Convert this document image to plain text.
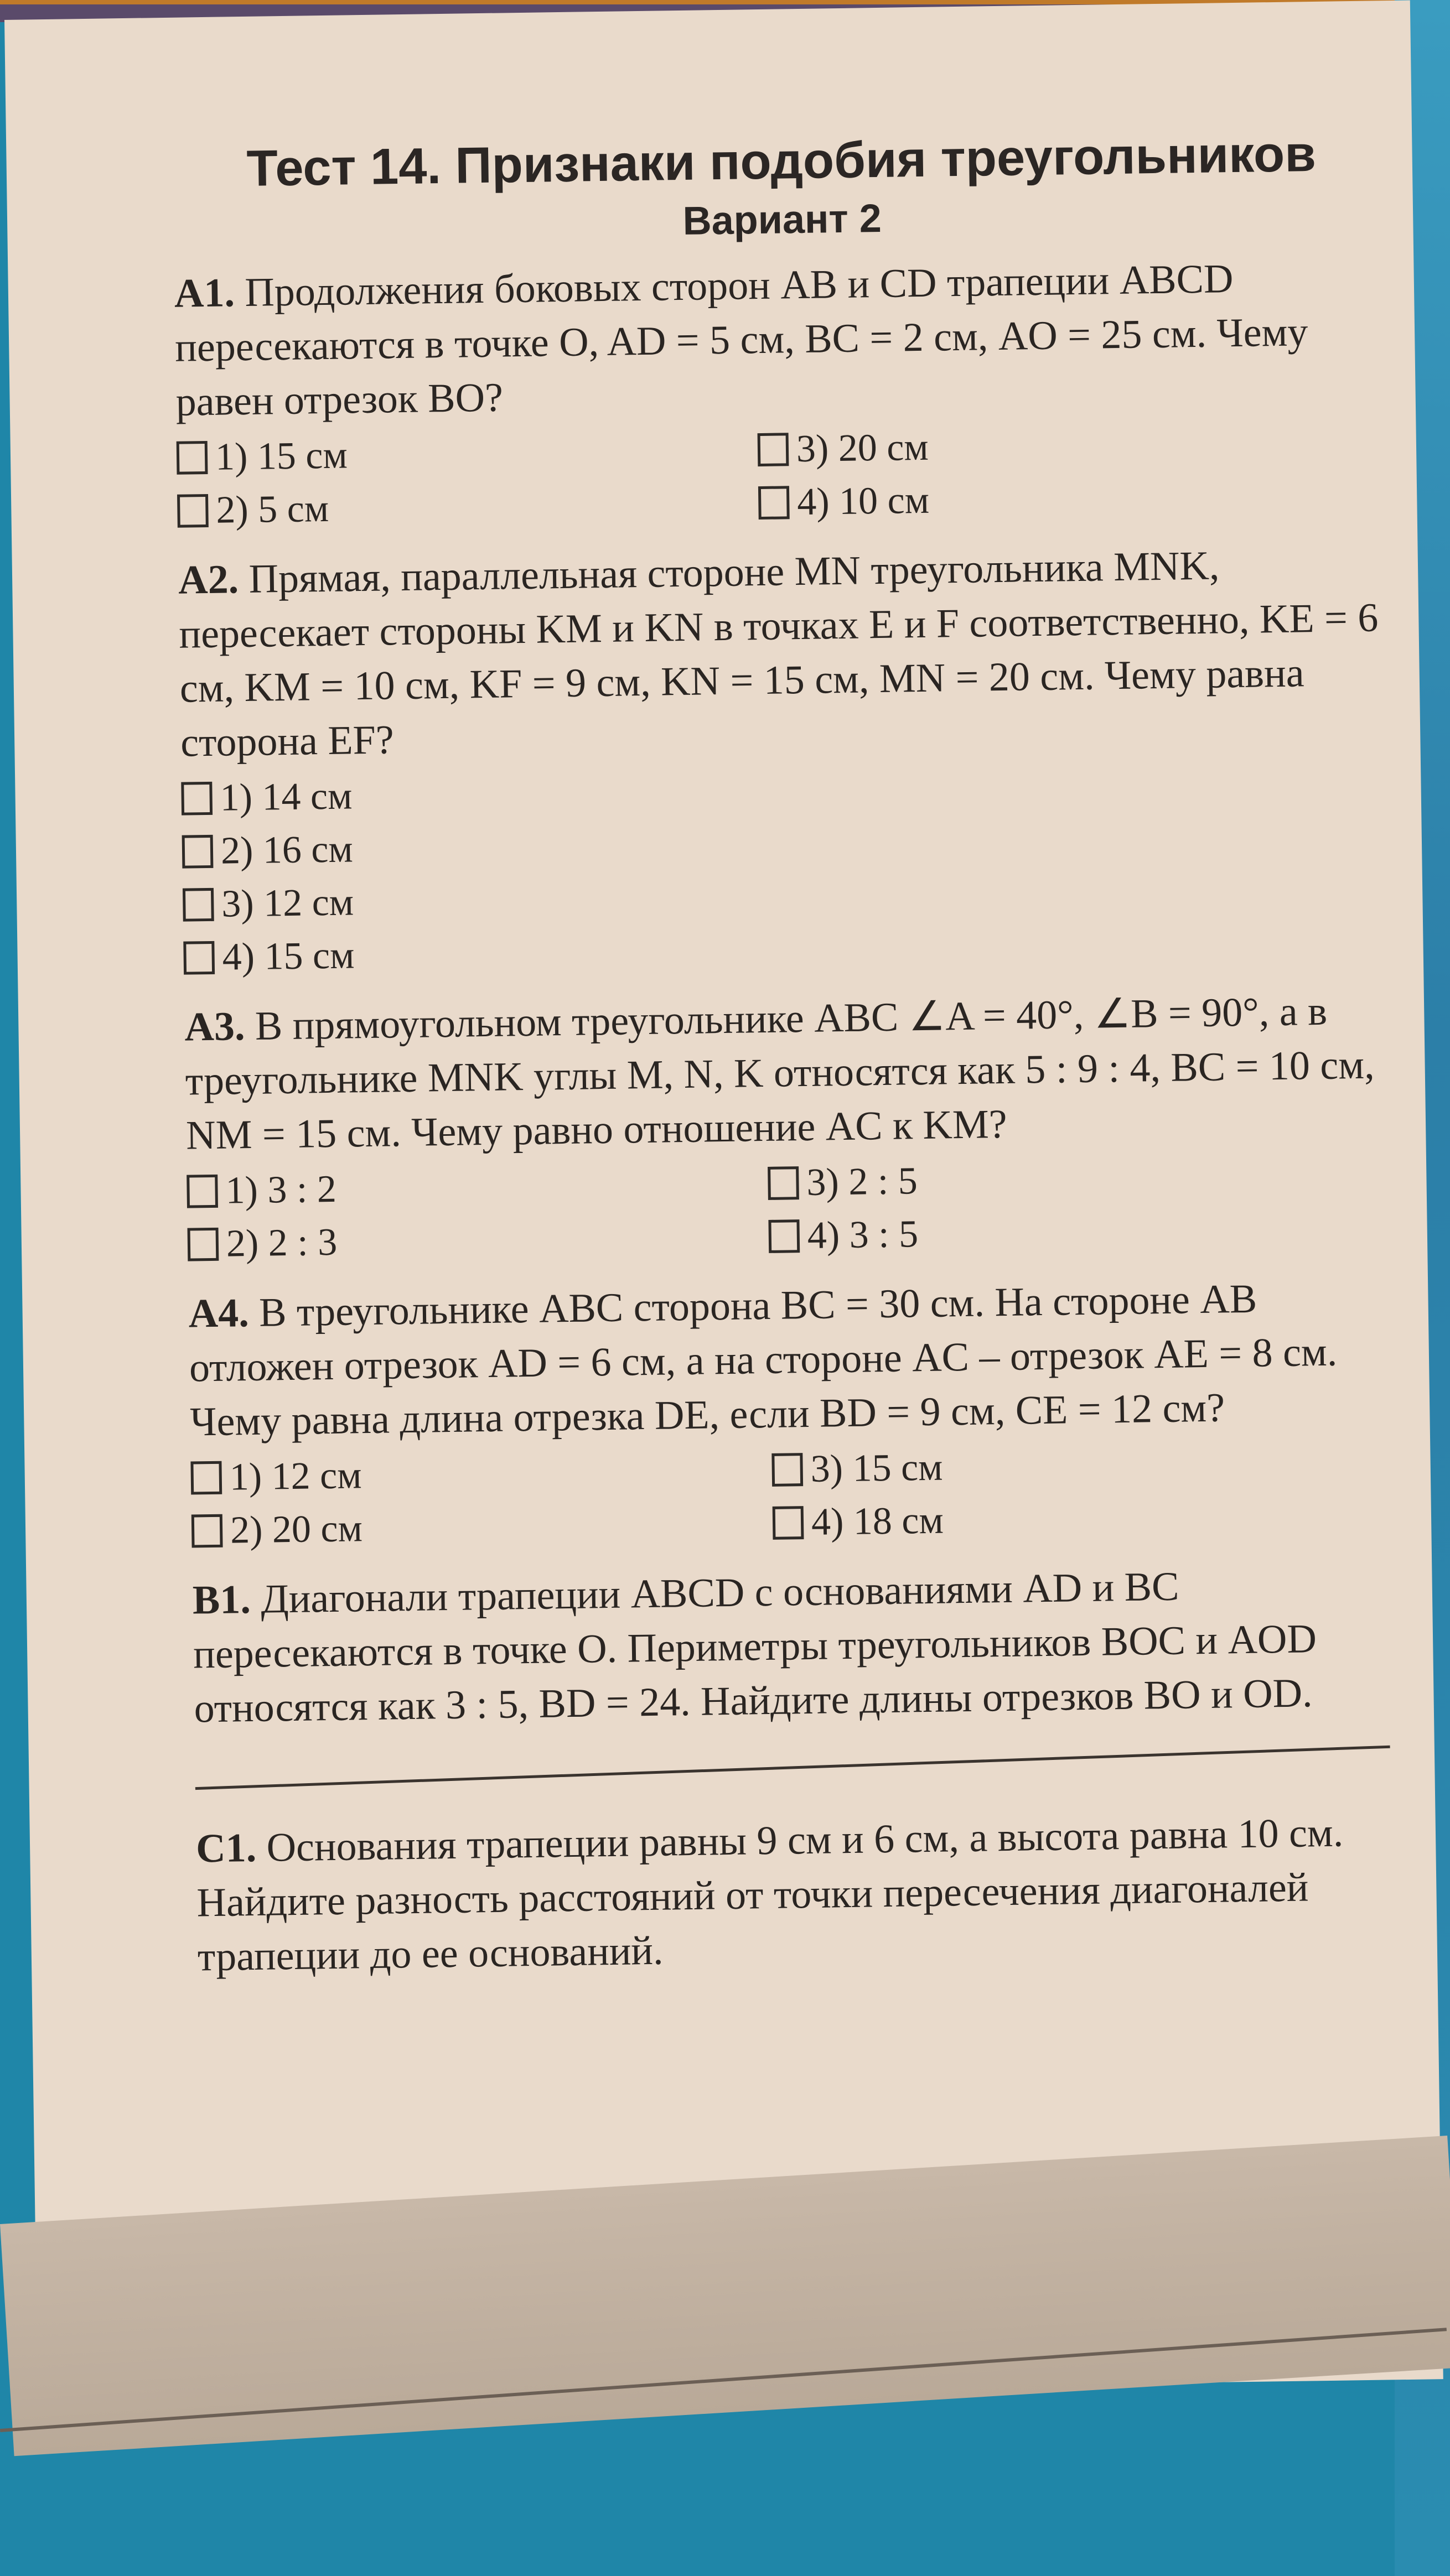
Тест 14. Признаки подобия треугольников
Вариант 2
A1. Продолжения боковых сторон AB и CD трапеции ABCD пересекаются в точке O, AD = 5 см, BC = 2 см, AO = 25 см. Чему равен отрезок BO?
1) 15 см	3) 20 см
2) 5 см	4) 10 см
A2. Прямая, параллельная стороне MN треугольника MNK, пересекает стороны KM и KN в точках E и F соответственно, KE = 6 см, KM = 10 см, KF = 9 см, KN = 15 см, MN = 20 см. Чему равна сторона EF?
1) 14 см
2) 16 см
3) 12 см
4) 15 см
A3. В прямоугольном треугольнике ABC ∠A = 40°, ∠B = 90°, а в треугольнике MNK углы M, N, K относятся как 5 : 9 : 4, BC = 10 см, NM = 15 см. Чему равно отношение AC к KM?
1) 3 : 2	3) 2 : 5
2) 2 : 3	4) 3 : 5
A4. В треугольнике ABC сторона BC = 30 см. На стороне AB отложен отрезок AD = 6 см, а на стороне AC – отрезок AE = 8 см. Чему равна длина отрезка DE, если BD = 9 см, CE = 12 см?
1) 12 см	3) 15 см
2) 20 см	4) 18 см
B1. Диагонали трапеции ABCD с основаниями AD и BC пересекаются в точке O. Периметры треугольников BOC и AOD относятся как 3 : 5, BD = 24. Найдите длины отрезков BO и OD.
C1. Основания трапеции равны 9 см и 6 см, а высота равна 10 см. Найдите разность расстояний от точки пересечения диагоналей трапеции до ее оснований.
